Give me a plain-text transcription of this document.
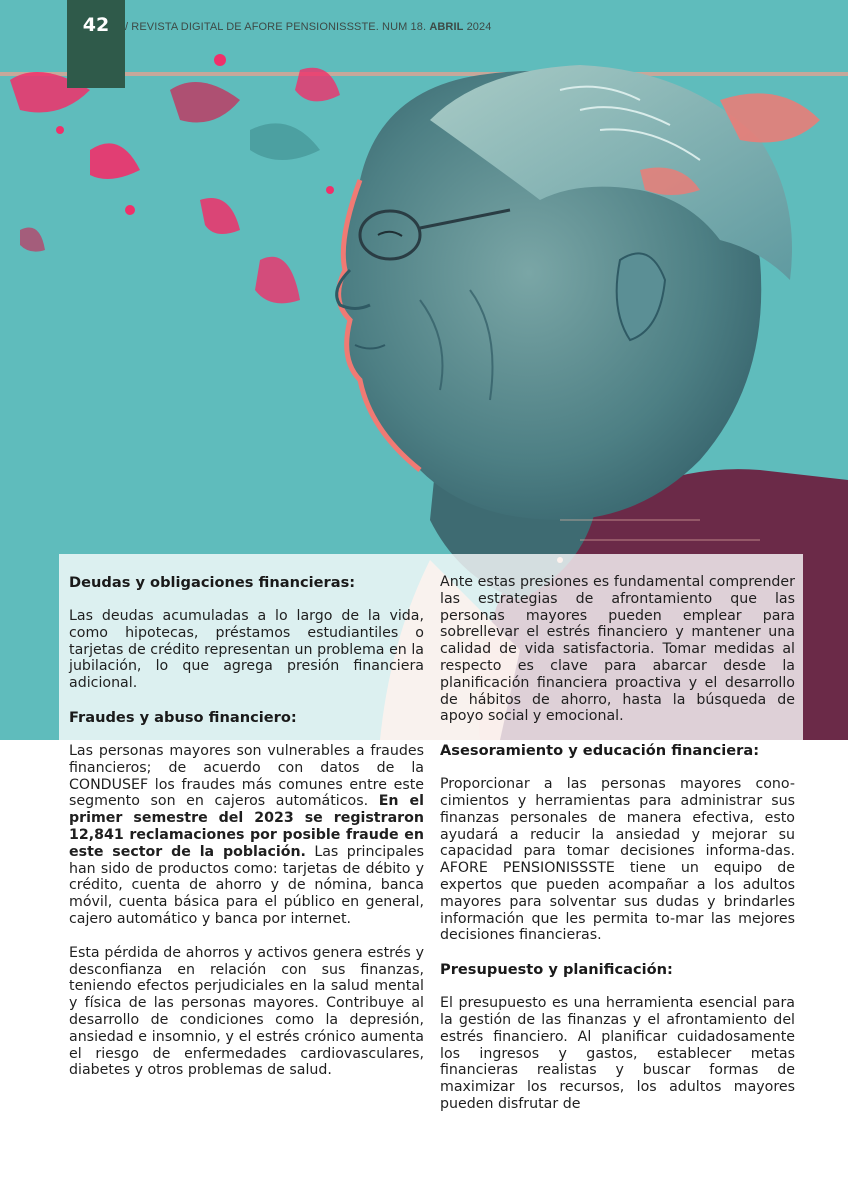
42	/ REVISTA DIGITAL DE AFORE PENSIONISSSTE. NUM 18. ABRIL 2024
Deudas y obligaciones financieras:

Las deudas acumuladas a lo largo de la vida, como hipotecas, préstamos estudiantiles o tarjetas de crédito representan un problema en la jubilación, lo que agrega presión financiera adicional.

Fraudes y abuso financiero:

Las personas mayores son vulnerables a fraudes financieros; de acuerdo con datos de la CONDUSEF los fraudes más comunes entre este segmento son en cajeros automáticos. En el primer semestre del 2023 se registraron 12,841 reclamaciones por posible fraude en este sector de la población. Las principales han sido de productos como: tarjetas de débito y crédito, cuenta de ahorro y de nómina, banca móvil, cuenta básica para el público en general, cajero automático y banca por internet.

Esta pérdida de ahorros y activos genera estrés y desconfianza en relación con sus finanzas, teniendo efectos perjudiciales en la salud mental y física de las personas mayores. Contribuye al desarrollo de condiciones como la depresión, ansiedad e insomnio, y el estrés crónico aumenta el riesgo de enfermedades cardiovasculares, diabetes y otros problemas de salud.

Ante estas presiones es fundamental comprender las estrategias de afrontamiento que las personas mayores pueden emplear para sobrellevar el estrés financiero y mantener una calidad de vida satisfactoria. Tomar medidas al respecto es clave para abarcar desde la planificación financiera proactiva y el desarrollo de hábitos de ahorro, hasta la búsqueda de apoyo social y emocional.

Asesoramiento y educación financiera:

Proporcionar a las personas mayores cono-cimientos y herramientas para administrar sus finanzas personales de manera efectiva, esto ayudará a reducir la ansiedad y mejorar su capacidad para tomar decisiones informa-das. AFORE PENSIONISSSTE tiene un equipo de expertos que pueden acompañar a los adultos mayores para solventar sus dudas y brindarles información que les permita to-mar las mejores decisiones financieras.

Presupuesto y planificación:

El presupuesto es una herramienta esencial para la gestión de las finanzas y el afrontamiento del estrés financiero. Al planificar cuidadosamente los ingresos y gastos, establecer metas financieras realistas y buscar formas de maximizar los recursos, los adultos mayores pueden disfrutar de
